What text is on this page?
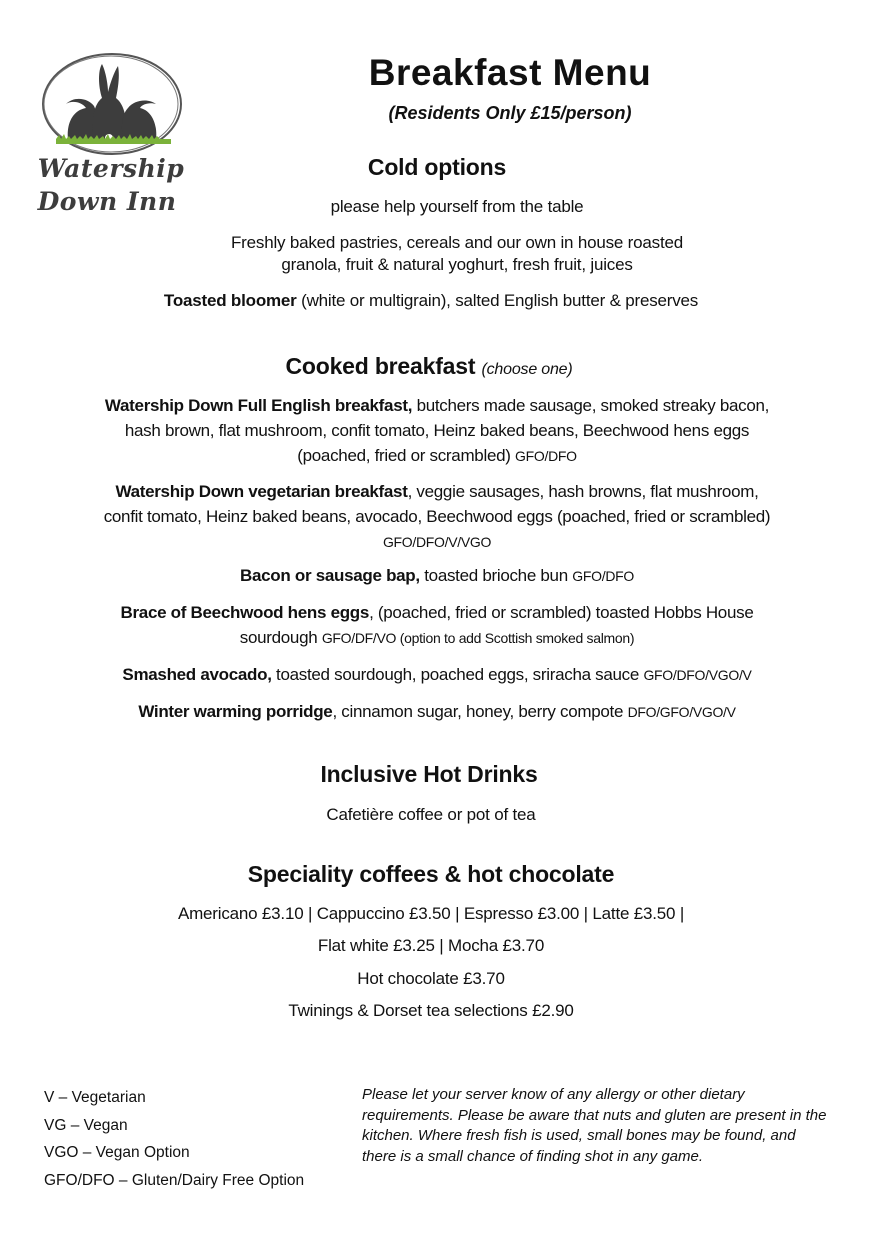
Watership
Down Inn
Breakfast Menu
(Residents Only £15/person)
Cold options
please help yourself from the table
Freshly baked pastries, cereals and our own in house roasted
granola, fruit & natural yoghurt, fresh fruit, juices
Toasted bloomer (white or multigrain), salted English butter & preserves
Cooked breakfast (choose one)
Watership Down Full English breakfast, butchers made sausage, smoked streaky bacon,
hash brown, flat mushroom, confit tomato, Heinz baked beans, Beechwood hens eggs
(poached, fried or scrambled) GFO/DFO
Watership Down vegetarian breakfast, veggie sausages, hash browns, flat mushroom,
confit tomato, Heinz baked beans, avocado, Beechwood eggs (poached, fried or scrambled)
GFO/DFO/V/VGO
Bacon or sausage bap, toasted brioche bun GFO/DFO
Brace of Beechwood hens eggs, (poached, fried or scrambled) toasted Hobbs House
sourdough GFO/DF/VO (option to add Scottish smoked salmon)
Smashed avocado, toasted sourdough, poached eggs, sriracha sauce GFO/DFO/VGO/V
Winter warming porridge, cinnamon sugar, honey, berry compote DFO/GFO/VGO/V
Inclusive Hot Drinks
Cafetière coffee or pot of tea
Speciality coffees & hot chocolate
Americano £3.10 | Cappuccino £3.50 | Espresso £3.00 | Latte £3.50 |
Flat white £3.25 | Mocha £3.70
Hot chocolate £3.70
Twinings & Dorset tea selections £2.90
V – Vegetarian
VG – Vegan
VGO – Vegan Option
GFO/DFO – Gluten/Dairy Free Option
Please let your server know of any allergy or other dietary requirements. Please be aware that nuts and gluten are present in the kitchen. Where fresh fish is used, small bones may be found, and there is a small chance of finding shot in any game.
